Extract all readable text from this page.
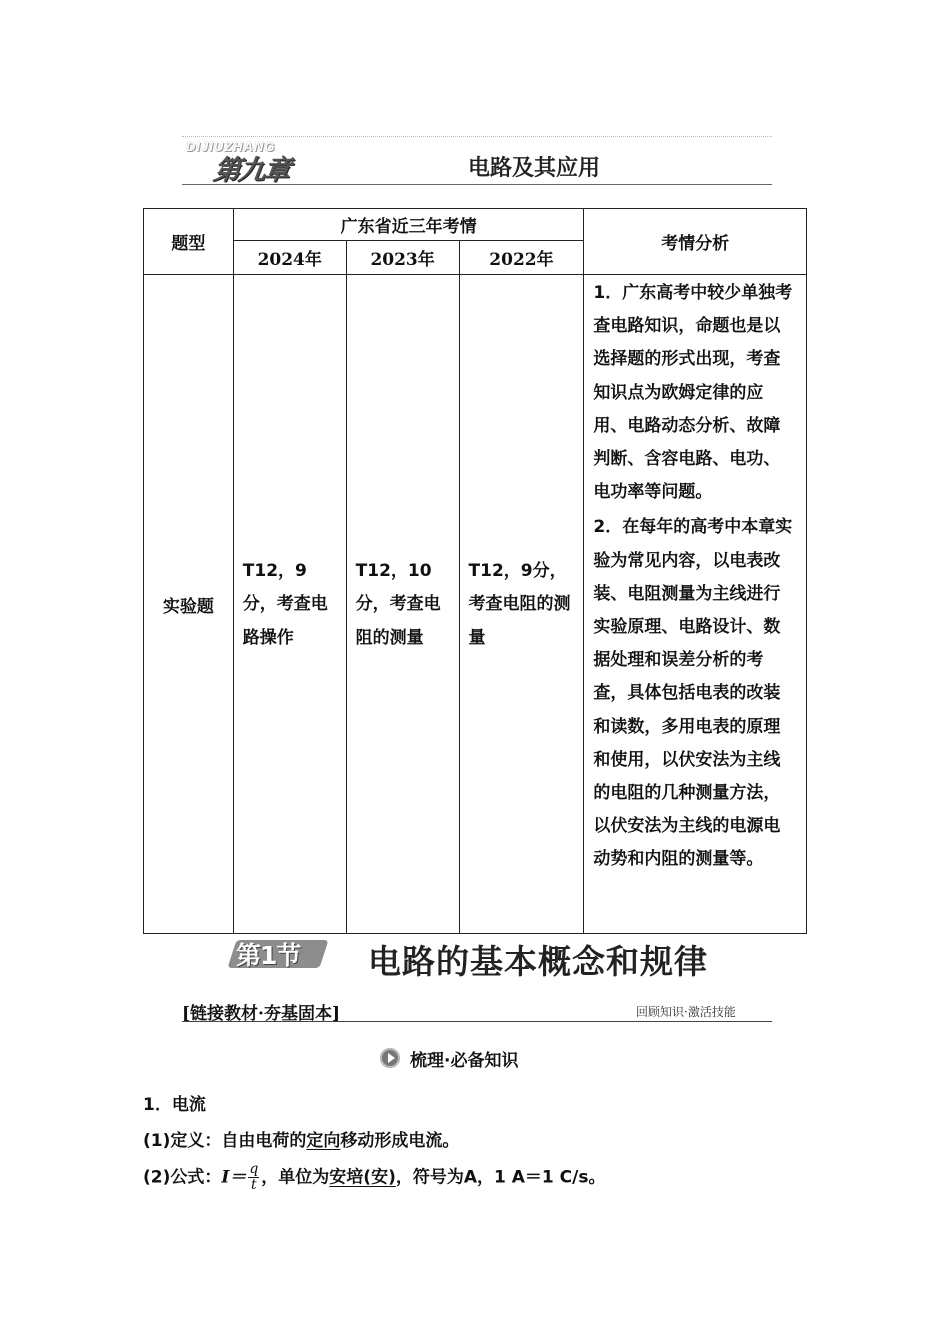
DIJIUZHANG
第九章	电路及其应用
题型	广东省近三年考情			考情分析
	2024年	2023年	2022年	
实验题	T12，9分，考查电路操作	T12，10分，考查电阻的测量	T12，9分，考查电阻的测量	1．广东高考中较少单独考查电路知识，命题也是以选择题的形式出现，考查知识点为欧姆定律的应用、电路动态分析、故障判断、含容电路、电功、电功率等问题。
2．在每年的高考中本章实验为常见内容，以电表改装、电阻测量为主线进行实验原理、电路设计、数据处理和误差分析的考查，具体包括电表的改装和读数，多用电表的原理和使用，以伏安法为主线的电阻的几种测量方法，以伏安法为主线的电源电动势和内阻的测量等。
第1节 电路的基本概念和规律
[链接教材·夯基固本]	回顾知识·激活技能
梳理·必备知识
1．电流
(1)定义：自由电荷的定向移动形成电流。
(2)公式：$I= \frac{q}{t}$ ，单位为安培(安)，符号为A，1 A＝1 C/s。
